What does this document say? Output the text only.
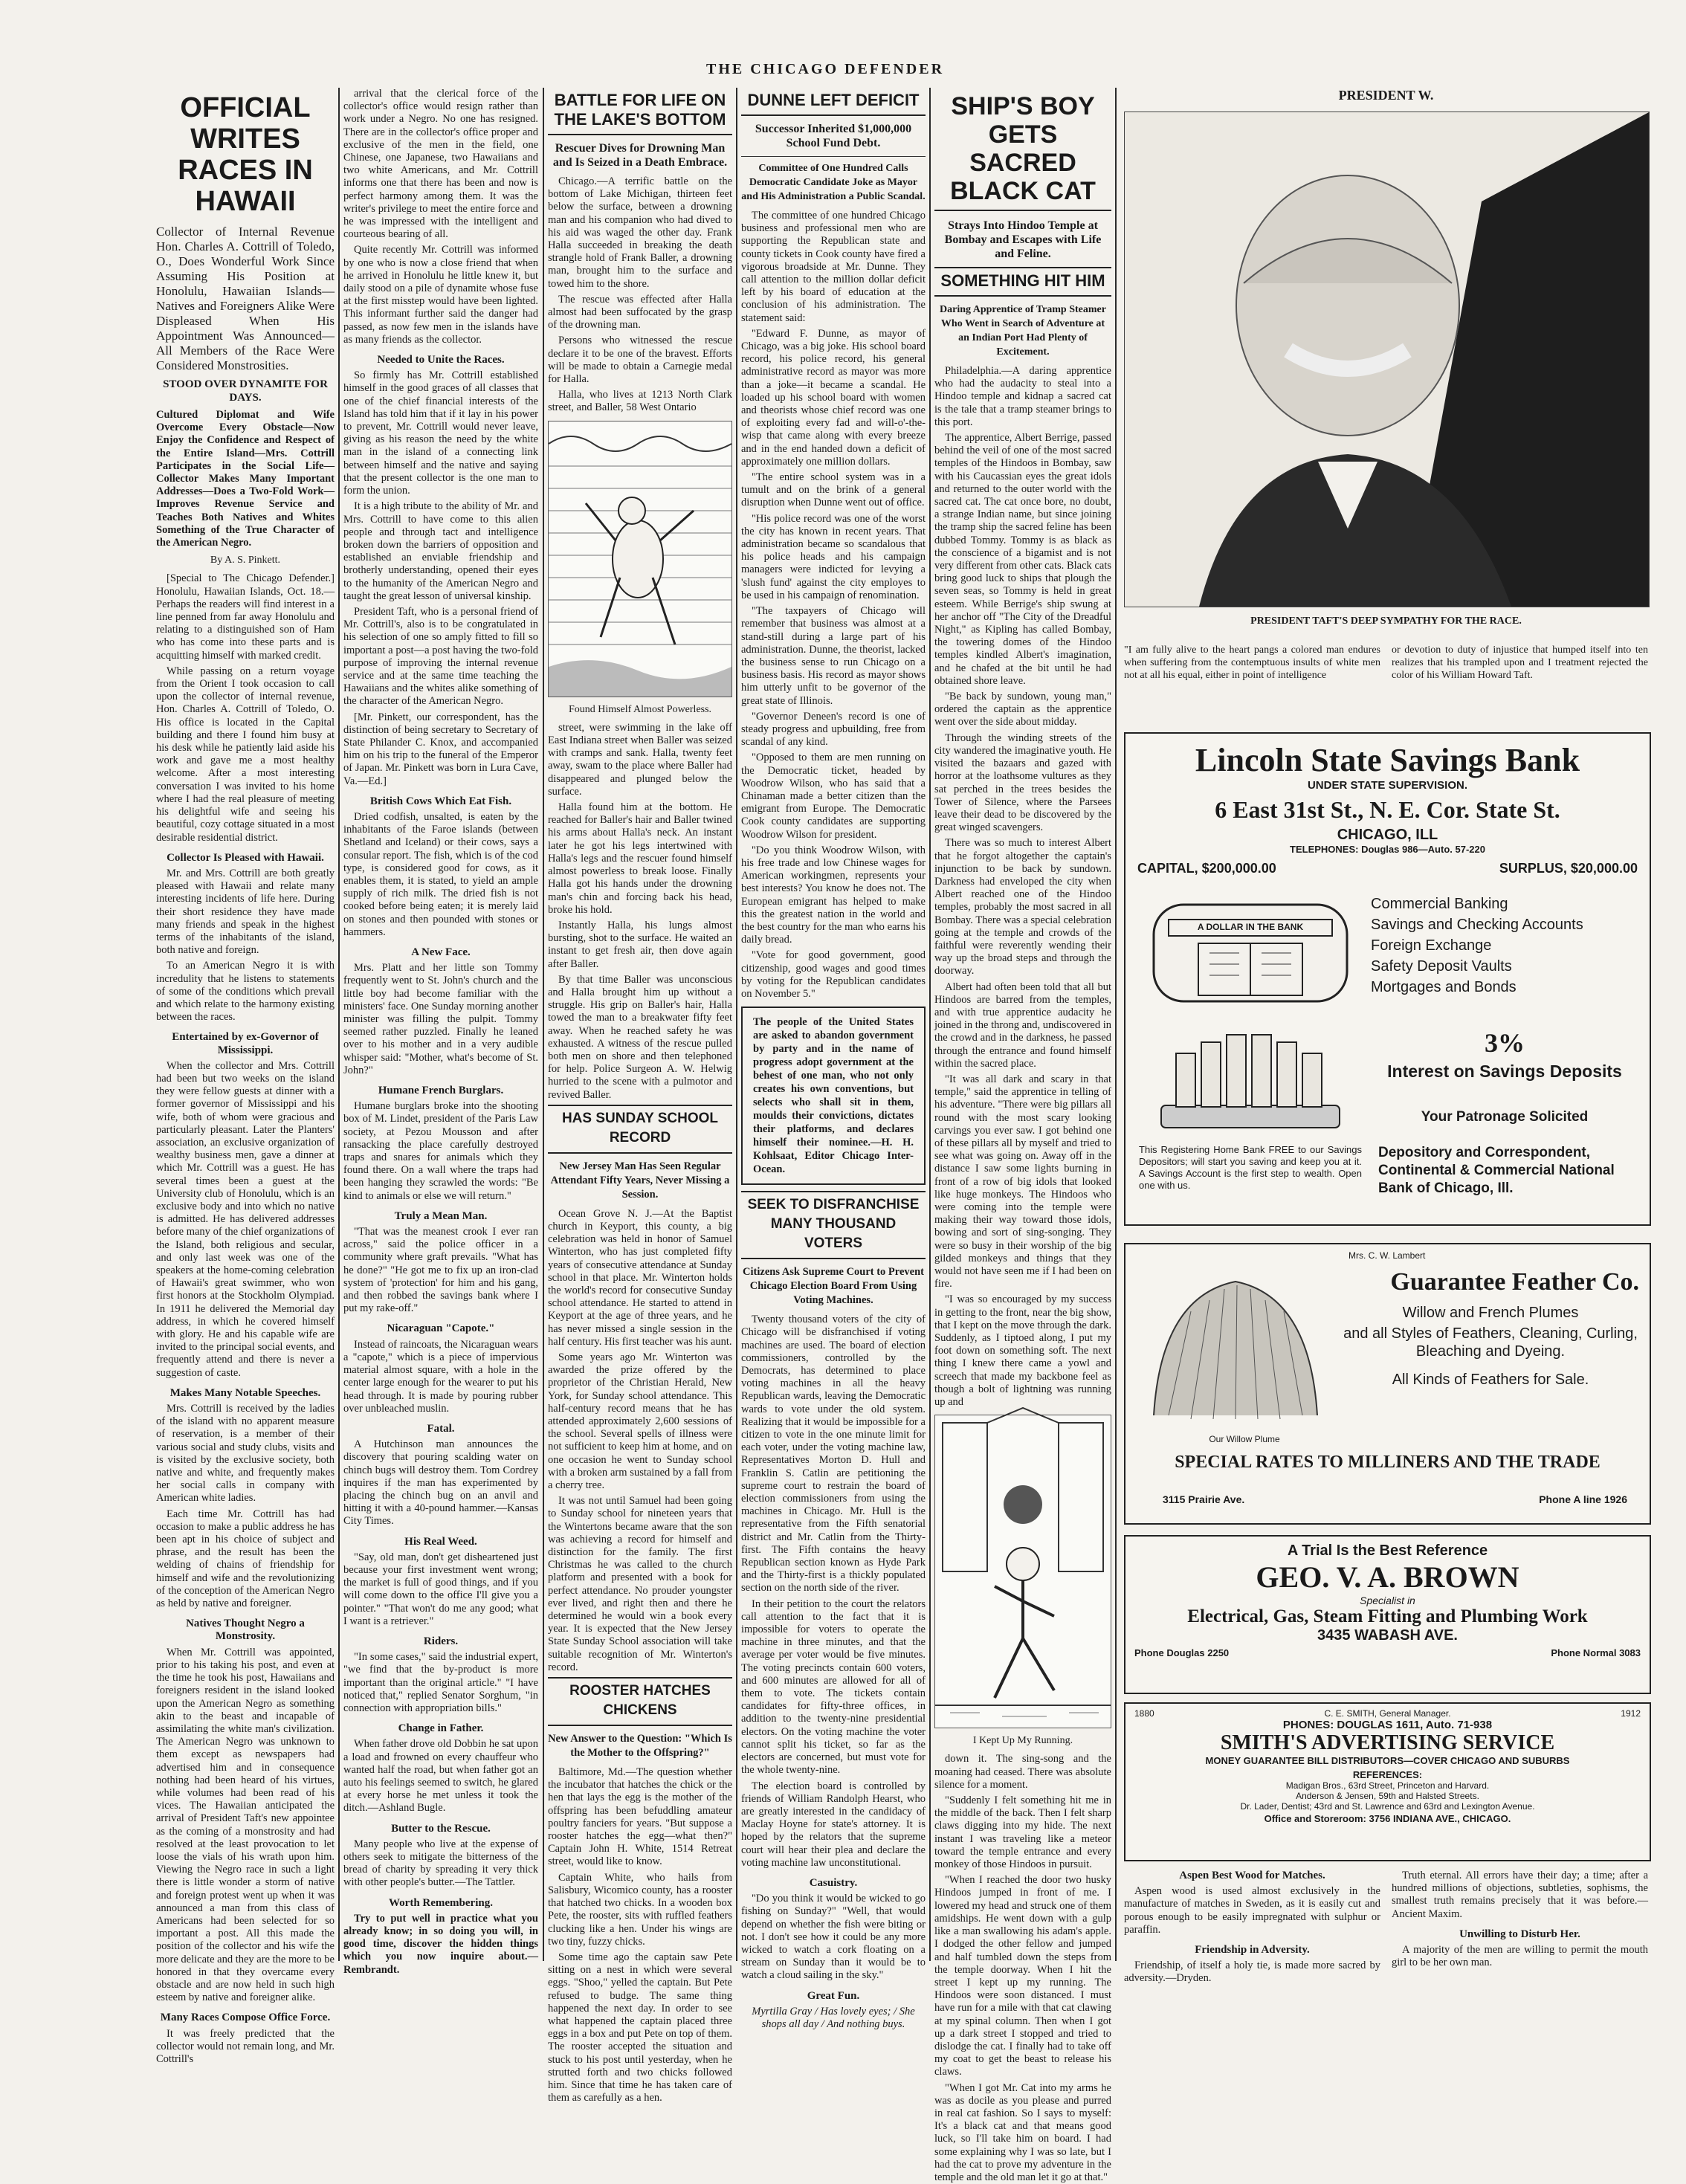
THE CHICAGO DEFENDER
OFFICIAL WRITES RACES IN HAWAII

Collector of Internal Revenue Hon. Charles A. Cottrill of Toledo, O., Does Wonderful Work Since Assuming His Position at Honolulu, Hawaiian Islands—Natives and Foreigners Alike Were Displeased When His Appointment Was Announced—All Members of the Race Were Considered Monstrosities.

STOOD OVER DYNAMITE FOR DAYS.

Cultured Diplomat and Wife Overcome Every Obstacle—Now Enjoy the Confidence and Respect of the Entire Island—Mrs. Cottrill Participates in the Social Life—Collector Makes Many Important Addresses—Does a Two-Fold Work—Improves Revenue Service and Teaches Both Natives and Whites Something of the True Character of the American Negro.

By A. S. Pinkett.

[Special to The Chicago Defender.] Honolulu, Hawaiian Islands, Oct. 18.—Perhaps the readers will find interest in a line penned from far away Honolulu and relating to a distinguished son of Ham who has come into these parts and is acquitting himself with marked credit.

While passing on a return voyage from the Orient I took occasion to call upon the collector of internal revenue, Hon. Charles A. Cottrill of Toledo, O. His office is located in the Capital building and there I found him busy at his desk while he patiently laid aside his work and gave me a most healthy welcome. After a most interesting conversation I was invited to his home where I had the real pleasure of meeting his delightful wife and seeing his beautiful, cozy cottage situated in a most desirable residential district.

Collector Is Pleased with Hawaii.

Mr. and Mrs. Cottrill are both greatly pleased with Hawaii and relate many interesting incidents of life here. During their short residence they have made many friends and speak in the highest terms of the inhabitants of the island, both native and foreign.

To an American Negro it is with incredulity that he listens to statements of some of the conditions which prevail and which relate to the harmony existing between the races.

Entertained by ex-Governor of Mississippi.

When the collector and Mrs. Cottrill had been but two weeks on the island they were fellow guests at dinner with a former governor of Mississippi and his wife, both of whom were gracious and particularly pleasant. Later the Planters' association, an exclusive organization of wealthy business men, gave a dinner at which Mr. Cottrill was a guest. He has several times been a guest at the University club of Honolulu, which is an exclusive body and into which no native is admitted. He has delivered addresses before many of the chief organizations of the Island, both religious and secular, and only last week was one of the speakers at the home-coming celebration of Hawaii's great swimmer, who won first honors at the Stockholm Olympiad. In 1911 he delivered the Memorial day address, in which he covered himself with glory. He and his capable wife are invited to the principal social events, and frequently attend and there is never a suggestion of caste.

Makes Many Notable Speeches.

Mrs. Cottrill is received by the ladies of the island with no apparent measure of reservation, is a member of their various social and study clubs, visits and is visited by the exclusive society, both native and white, and frequently makes her social calls in company with American white ladies.

Each time Mr. Cottrill has had occasion to make a public address he has been apt in his choice of subject and phrase, and the result has been the welding of chains of friendship for himself and wife and the revolutionizing of the conception of the American Negro as held by native and foreigner.

Natives Thought Negro a Monstrosity.

When Mr. Cottrill was appointed, prior to his taking his post, and even at the time he took his post, Hawaiians and foreigners resident in the island looked upon the American Negro as something akin to the beast and incapable of assimilating the white man's civilization. The American Negro was unknown to them except as newspapers had advertised him and in consequence nothing had been heard of his virtues, while volumes had been read of his vices. The Hawaiian anticipated the arrival of President Taft's new appointee as the coming of a monstrosity and had resolved at the least provocation to let loose the vials of his wrath upon him. Viewing the Negro race in such a light there is little wonder a storm of native and foreign protest went up when it was announced a man from this class of Americans had been selected for so important a post. All this made the position of the collector and his wife the more delicate and they are the more to be honored in that they overcame every obstacle and are now held in such high esteem by native and foreigner alike.

Many Races Compose Office Force.

It was freely predicted that the collector would not remain long, and Mr. Cottrill's

arrival that the clerical force of the collector's office would resign rather than work under a Negro. No one has resigned. There are in the collector's office proper and exclusive of the men in the field, one Chinese, one Japanese, two Hawaiians and two white Americans, and Mr. Cottrill informs one that there has been and now is perfect harmony among them. It was the writer's privilege to meet the entire force and he was impressed with the intelligent and courteous bearing of all.

Quite recently Mr. Cottrill was informed by one who is now a close friend that when he arrived in Honolulu he little knew it, but daily stood on a pile of dynamite whose fuse at the first misstep would have been lighted. This informant further said the danger had passed, as now few men in the islands have as many friends as the collector.

Needed to Unite the Races.

So firmly has Mr. Cottrill established himself in the good graces of all classes that one of the chief financial interests of the Island has told him that if it lay in his power to prevent, Mr. Cottrill would never leave, giving as his reason the need by the white man in the island of a connecting link between himself and the native and saying that the present collector is the one man to form the union.

It is a high tribute to the ability of Mr. and Mrs. Cottrill to have come to this alien people and through tact and intelligence broken down the barriers of opposition and established an enviable friendship and brotherly understanding, opened their eyes to the humanity of the American Negro and taught the great lesson of universal kinship.

President Taft, who is a personal friend of Mr. Cottrill's, also is to be congratulated in his selection of one so amply fitted to fill so important a post—a post having the two-fold purpose of improving the internal revenue service and at the same time teaching the Hawaiians and the whites alike something of the character of the American Negro.

[Mr. Pinkett, our correspondent, has the distinction of being secretary to Secretary of State Philander C. Knox, and accompanied him on his trip to the funeral of the Emperor of Japan. Mr. Pinkett was born in Lura Cave, Va.—Ed.]

British Cows Which Eat Fish.

Dried codfish, unsalted, is eaten by the inhabitants of the Faroe islands (between Shetland and Iceland) or their cows, says a consular report. The fish, which is of the cod type, is considered good for cows, as it enables them, it is stated, to yield an ample supply of rich milk. The dried fish is not cooked before being eaten; it is merely laid on stones and then pounded with stones or hammers.

A New Face.

Mrs. Platt and her little son Tommy frequently went to St. John's church and the little boy had become familiar with the ministers' face. One Sunday morning another minister was filling the pulpit. Tommy seemed rather puzzled. Finally he leaned over to his mother and in a very audible whisper said: "Mother, what's become of St. John?"

Humane French Burglars.

Humane burglars broke into the shooting box of M. Lindet, president of the Paris Law society, at Pezou Mousson and after ransacking the place carefully destroyed traps and snares for animals which they found there. On a wall where the traps had been hanging they scrawled the words: "Be kind to animals or else we will return."

Truly a Mean Man.

"That was the meanest crook I ever ran across," said the police officer in a community where graft prevails. "What has he done?" "He got me to fix up an iron-clad system of 'protection' for him and his gang, and then robbed the savings bank where I put my rake-off."

Nicaraguan "Capote."

Instead of raincoats, the Nicaraguan wears a "capote," which is a piece of impervious material almost square, with a hole in the center large enough for the wearer to put his head through. It is made by pouring rubber over unbleached muslin.

Fatal.

A Hutchinson man announces the discovery that pouring scalding water on chinch bugs will destroy them. Tom Cordrey inquires if the man has experimented by placing the chinch bug on an anvil and hitting it with a 40-pound hammer.—Kansas City Times.

His Real Weed.

"Say, old man, don't get disheartened just because your first investment went wrong; the market is full of good things, and if you will come down to the office I'll give you a pointer." "That won't do me any good; what I want is a retriever."

Riders.

"In some cases," said the industrial expert, "we find that the by-product is more important than the original article." "I have noticed that," replied Senator Sorghum, "in connection with appropriation bills."

Change in Father.

When father drove old Dobbin he sat upon a load and frowned on every chauffeur who wanted half the road, but when father got an auto his feelings seemed to switch, he glared at every horse he met unless it took the ditch.—Ashland Bugle.

Butter to the Rescue.

Many people who live at the expense of others seek to mitigate the bitterness of the bread of charity by spreading it very thick with other people's butter.—The Tattler.

Worth Remembering.

Try to put well in practice what you already know; in so doing you will, in good time, discover the hidden things which you now inquire about.—Rembrandt.

BATTLE FOR LIFE ON THE LAKE'S BOTTOM
Rescuer Dives for Drowning Man and Is Seized in a Death Embrace.

Chicago.—A terrific battle on the bottom of Lake Michigan, thirteen feet below the surface, between a drowning man and his companion who had dived to his aid was waged the other day. Frank Halla succeeded in breaking the death strangle hold of Frank Baller, a drowning man, brought him to the surface and towed him to the shore.

The rescue was effected after Halla almost had been suffocated by the grasp of the drowning man.

Persons who witnessed the rescue declare it to be one of the bravest. Efforts will be made to obtain a Carnegie medal for Halla.

Halla, who lives at 1213 North Clark street, and Baller, 58 West Ontario

Found Himself Almost Powerless.

street, were swimming in the lake off East Indiana street when Baller was seized with cramps and sank. Halla, twenty feet away, swam to the place where Baller had disappeared and plunged below the surface.

Halla found him at the bottom. He reached for Baller's hair and Baller twined his arms about Halla's neck. An instant later he got his legs intertwined with Halla's legs and the rescuer found himself almost powerless to break loose. Finally Halla got his hands under the drowning man's chin and forcing back his head, broke his hold.

Instantly Halla, his lungs almost bursting, shot to the surface. He waited an instant to get fresh air, then dove again after Baller.

By that time Baller was unconscious and Halla brought him up without a struggle. His grip on Baller's hair, Halla towed the man to a breakwater fifty feet away. When he reached safety he was exhausted. A witness of the rescue pulled both men on shore and then telephoned for help. Police Surgeon A. W. Helwig hurried to the scene with a pulmotor and revived Baller.

HAS SUNDAY SCHOOL RECORD
New Jersey Man Has Seen Regular Attendant Fifty Years, Never Missing a Session.

Ocean Grove N. J.—At the Baptist church in Keyport, this county, a big celebration was held in honor of Samuel Winterton, who has just completed fifty years of consecutive attendance at Sunday school in that place. Mr. Winterton holds the world's record for consecutive Sunday school attendance. He started to attend in Keyport at the age of three years, and he has never missed a single session in the half century. His first teacher was his aunt.

Some years ago Mr. Winterton was awarded the prize offered by the proprietor of the Christian Herald, New York, for Sunday school attendance. This half-century record means that he has attended approximately 2,600 sessions of the school. Several spells of illness were not sufficient to keep him at home, and on one occasion he went to Sunday school with a broken arm sustained by a fall from a cherry tree.

It was not until Samuel had been going to Sunday school for nineteen years that the Wintertons became aware that the son was achieving a record for himself and distinction for the family. The first Christmas he was called to the church platform and presented with a book for perfect attendance. No prouder youngster ever lived, and right then and there he determined he would win a book every year. It is expected that the New Jersey State Sunday School association will take suitable recognition of Mr. Winterton's record.

ROOSTER HATCHES CHICKENS
New Answer to the Question: "Which Is the Mother to the Offspring?"

Baltimore, Md.—The question whether the incubator that hatches the chick or the hen that lays the egg is the mother of the offspring has been befuddling amateur poultry fanciers for years. "But suppose a rooster hatches the egg—what then?" Captain John H. White, 1514 Retreat street, would like to know.

Captain White, who hails from Salisbury, Wicomico county, has a rooster that hatched two chicks. In a wooden box Pete, the rooster, sits with ruffled feathers clucking like a hen. Under his wings are two tiny, fuzzy chicks.

Some time ago the captain saw Pete sitting on a nest in which were several eggs. "Shoo," yelled the captain. But Pete refused to budge. The same thing happened the next day. In order to see what happened the captain placed three eggs in a box and put Pete on top of them. The rooster accepted the situation and stuck to his post until yesterday, when he strutted forth and two chicks followed him. Since that time he has taken care of them as carefully as a hen.

DUNNE LEFT DEFICIT
Successor Inherited $1,000,000 School Fund Debt.
Committee of One Hundred Calls Democratic Candidate Joke as Mayor and His Administration a Public Scandal.

The committee of one hundred Chicago business and professional men who are supporting the Republican state and county tickets in Cook county have fired a vigorous broadside at Mr. Dunne. They call attention to the million dollar deficit left by his board of education at the conclusion of his administration. The statement said:

"Edward F. Dunne, as mayor of Chicago, was a big joke. His school board record, his police record, his general administrative record as mayor was more than a joke—it became a scandal. He loaded up his school board with women and theorists whose chief record was one of exploiting every fad and will-o'-the-wisp that came along with every breeze and in the end handed down a deficit of approximately one million dollars.

"The entire school system was in a tumult and on the brink of a general disruption when Dunne went out of office.

"His police record was one of the worst the city has known in recent years. That administration became so scandalous that his police heads and his campaign managers were indicted for levying a 'slush fund' against the city employes to be used in his campaign of renomination.

"The taxpayers of Chicago will remember that business was almost at a stand-still during a large part of his administration. Dunne, the theorist, lacked the business sense to run Chicago on a business basis. His record as mayor shows him utterly unfit to be governor of the great state of Illinois.

"Governor Deneen's record is one of steady progress and upbuilding, free from scandal of any kind.

"Opposed to them are men running on the Democratic ticket, headed by Woodrow Wilson, who has said that a Chinaman made a better citizen than the emigrant from Europe. The Democratic Cook county candidates are supporting Woodrow Wilson for president.

"Do you think Woodrow Wilson, with his free trade and low Chinese wages for American workingmen, represents your best interests? You know he does not. The European emigrant has helped to make this the greatest nation in the world and the best country for the man who earns his daily bread.

"Vote for good government, good citizenship, good wages and good times by voting for the Republican candidates on November 5."

The people of the United States are asked to abandon government by party and in the name of progress adopt government at the behest of one man, who not only creates his own conventions, but selects who shall sit in them, moulds their convictions, dictates their platforms, and declares himself their nominee.—H. H. Kohlsaat, Editor Chicago Inter-Ocean.
SEEK TO DISFRANCHISE MANY THOUSAND VOTERS
Citizens Ask Supreme Court to Prevent Chicago Election Board From Using Voting Machines.

Twenty thousand voters of the city of Chicago will be disfranchised if voting machines are used. The board of election commissioners, controlled by the Democrats, has determined to place voting machines in all the heavy Republican wards, leaving the Democratic wards to vote under the old system. Realizing that it would be impossible for a citizen to vote in the one minute limit for each voter, under the voting machine law, Representatives Morton D. Hull and Franklin S. Catlin are petitioning the supreme court to restrain the board of election commissioners from using the machines in Chicago. Mr. Hull is the representative from the Fifth senatorial district and Mr. Catlin from the Thirty-first. The Fifth contains the heavy Republican section known as Hyde Park and the Thirty-first is a thickly populated section on the north side of the river.

In their petition to the court the relators call attention to the fact that it is impossible for voters to operate the machine in three minutes, and that the average per voter would be five minutes. The voting precincts contain 600 voters, and 600 minutes are allowed for all of them to vote. The tickets contain candidates for fifty-three offices, in addition to the twenty-nine presidential electors. On the voting machine the voter cannot split his ticket, so far as the electors are concerned, but must vote for the whole twenty-nine.

The election board is controlled by friends of William Randolph Hearst, who are greatly interested in the candidacy of Maclay Hoyne for state's attorney. It is hoped by the relators that the supreme court will hear their plea and declare the voting machine law unconstitutional.

Casuistry.

"Do you think it would be wicked to go fishing on Sunday?" "Well, that would depend on whether the fish were biting or not. I don't see how it could be any more wicked to watch a cork floating on a stream on Sunday than it would be to watch a cloud sailing in the sky."

Great Fun.

Myrtilla Gray / Has lovely eyes; / She shops all day / And nothing buys.

SHIP'S BOY GETS SACRED BLACK CAT
Strays Into Hindoo Temple at Bombay and Escapes with Life and Feline.
SOMETHING HIT HIM
Daring Apprentice of Tramp Steamer Who Went in Search of Adventure at an Indian Port Had Plenty of Excitement.

Philadelphia.—A daring apprentice who had the audacity to steal into a Hindoo temple and kidnap a sacred cat is the tale that a tramp steamer brings to this port.

The apprentice, Albert Berrige, passed behind the veil of one of the most sacred temples of the Hindoos in Bombay, saw with his Caucassian eyes the great idols and returned to the outer world with the sacred cat. The cat once bore, no doubt, a strange Indian name, but since joining the tramp ship the sacred feline has been dubbed Tommy. Tommy is as black as the conscience of a bigamist and is not very different from other cats. Black cats bring good luck to ships that plough the seven seas, so Tommy is held in great esteem. While Berrige's ship swung at her anchor off "The City of the Dreadful Night," as Kipling has called Bombay, the towering domes of the Hindoo temples kindled Albert's imagination, and he chafed at the bit until he had obtained shore leave.

"Be back by sundown, young man," ordered the captain as the apprentice went over the side about midday.

Through the winding streets of the city wandered the imaginative youth. He visited the bazaars and gazed with horror at the loathsome vultures as they sat perched in the trees besides the Tower of Silence, where the Parsees leave their dead to be discovered by the great winged scavengers.

There was so much to interest Albert that he forgot altogether the captain's injunction to be back by sundown. Darkness had enveloped the city when Albert reached one of the Hindoo temples, probably the most sacred in all Bombay. There was a special celebration going at the temple and crowds of the faithful were reverently wending their way up the broad steps and through the doorway.

Albert had often been told that all but Hindoos are barred from the temples, and with true apprentice audacity he joined in the throng and, undiscovered in the crowd and in the darkness, he passed through the entrance and found himself within the sacred place.

"It was all dark and scary in that temple," said the apprentice in telling of his adventure. "There were big pillars all round with the most scary looking carvings you ever saw. I got behind one of these pillars all by myself and tried to see what was going on. Away off in the distance I saw some lights burning in front of a row of big idols that looked like huge monkeys. The Hindoos who were coming into the temple were making their way toward those idols, bowing and sort of sing-songing. They were so busy in their worship of the big gilded monkeys and things that they would not have seen me if I had been on fire.

"I was so encouraged by my success in getting to the front, near the big show, that I kept on the move through the dark. Suddenly, as I tiptoed along, I put my foot down on something soft. The next thing I knew there came a yowl and screech that made my backbone feel as though a bolt of lightning was running up and

I Kept Up My Running.

down it. The sing-song and the moaning had ceased. There was absolute silence for a moment.

"Suddenly I felt something hit me in the middle of the back. Then I felt sharp claws digging into my hide. The next instant I was traveling like a meteor toward the temple entrance and every monkey of those Hindoos in pursuit.

"When I reached the door two husky Hindoos jumped in front of me. I lowered my head and struck one of them amidships. He went down with a gulp like a man swallowing his adam's apple. I dodged the other fellow and jumped and half tumbled down the steps from the temple doorway. When I hit the street I kept up my running. The Hindoos were soon distanced. I must have run for a mile with that cat clawing at my spinal column. Then when I got up a dark street I stopped and tried to dislodge the cat. I finally had to take off my coat to get the beast to release his claws.

"When I got Mr. Cat into my arms he was as docile as you please and purred in real cat fashion. So I says to myself: It's a black cat and that means good luck, so I'll take him on board. I had some explaining why I was so late, but I had the cat to prove my adventure in the temple and the old man let it go at that."

PRESIDENT W.
PRESIDENT TAFT'S DEEP SYMPATHY FOR THE RACE.
"I am fully alive to the heart pangs a colored man endures when suffering from the contemptuous insults of white men not at all his equal, either in point of intelligence
or devotion to duty of injustice that humped itself into ten realizes that his trampled upon and I treatment rejected the color of his William Howard Taft.
Lincoln State Savings Bank
UNDER STATE SUPERVISION.
6 East 31st St., N. E. Cor. State St.
CHICAGO, ILL
TELEPHONES: Douglas 986—Auto. 57-220
CAPITAL, $200,000.00	SURPLUS, $20,000.00
A DOLLAR IN THE BANK
Commercial Banking
Savings and Checking Accounts
Foreign Exchange
Safety Deposit Vaults
Mortgages and Bonds
3%
Interest on Savings Deposits
Your Patronage Solicited
This Registering Home Bank FREE to our Savings Depositors; will start you saving and keep you at it. A Savings Account is the first step to wealth. Open one with us.
Depository and Correspondent, Continental & Commercial National Bank of Chicago, Ill.
Mrs. C. W. Lambert
Our Willow Plume
Guarantee Feather Co.
Willow and French Plumes
and all Styles of Feathers, Cleaning, Curling, Bleaching and Dyeing.
All Kinds of Feathers for Sale.
SPECIAL RATES TO MILLINERS AND THE TRADE
3115 Prairie Ave.	Phone A line 1926
A Trial Is the Best Reference
GEO. V. A. BROWN
Specialist in
Electrical, Gas, Steam Fitting and Plumbing Work
3435 WABASH AVE.
Phone Douglas 2250	Phone Normal 3083
1880	C. E. SMITH, General Manager.	1912
PHONES: DOUGLAS 1611, Auto. 71-938
SMITH'S ADVERTISING SERVICE
MONEY GUARANTEE BILL DISTRIBUTORS—COVER CHICAGO AND SUBURBS
REFERENCES:
Madigan Bros., 63rd Street, Princeton and Harvard.
Anderson & Jensen, 59th and Halsted Streets.
Dr. Lader, Dentist; 43rd and St. Lawrence and 63rd and Lexington Avenue.
Office and Storeroom: 3756 INDIANA AVE., CHICAGO.
Aspen Best Wood for Matches.

Aspen wood is used almost exclusively in the manufacture of matches in Sweden, as it is easily cut and porous enough to be easily impregnated with sulphur or paraffin.

Friendship in Adversity.

Friendship, of itself a holy tie, is made more sacred by adversity.—Dryden.

Truth eternal. All errors have their day; a time; after a hundred millions of objections, subtleties, sophisms, the smallest truth remains precisely that it was before.—Ancient Maxim.

Unwilling to Disturb Her.

A majority of the men are willing to permit the mouth girl to be her own man.
